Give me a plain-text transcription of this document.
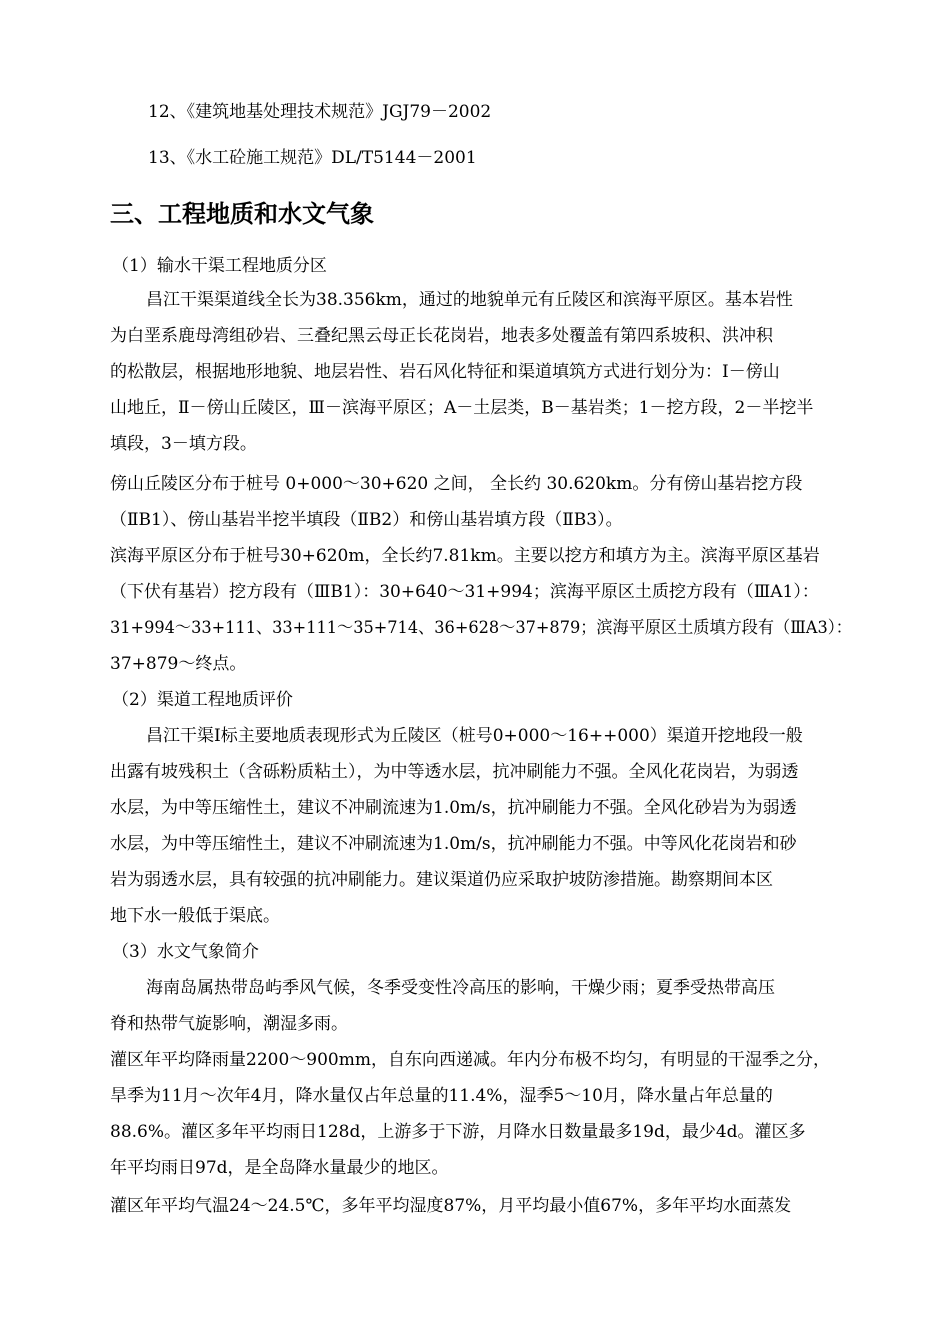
12、《建筑地基处理技术规范》JGJ79－2002
13、《水工砼施工规范》DL/T5144－2001
三、工程地质和水文气象
（1）输水干渠工程地质分区
昌江干渠渠道线全长为38.356km，通过的地貌单元有丘陵区和滨海平原区。基本岩性
为白垩系鹿母湾组砂岩、三叠纪黑云母正长花岗岩，地表多处覆盖有第四系坡积、洪冲积
的松散层，根据地形地貌、地层岩性、岩石风化特征和渠道填筑方式进行划分为：Ⅰ－傍山
山地丘，Ⅱ－傍山丘陵区，Ⅲ－滨海平原区；A－土层类，B－基岩类；1－挖方段，2－半挖半
填段，3－填方段。
傍山丘陵区分布于桩号 0+000～30+620 之间， 全长约 30.620km。分有傍山基岩挖方段
（ⅡB1）、傍山基岩半挖半填段（ⅡB2）和傍山基岩填方段（ⅡB3）。
滨海平原区分布于桩号30+620m，全长约7.81km。主要以挖方和填方为主。滨海平原区基岩
（下伏有基岩）挖方段有（ⅢB1）：30+640～31+994；滨海平原区土质挖方段有（ⅢA1）：
31+994～33+111、33+111～35+714、36+628～37+879；滨海平原区土质填方段有（ⅢA3）：
37+879～终点。
（2）渠道工程地质评价
昌江干渠Ⅰ标主要地质表现形式为丘陵区（桩号0+000～16++000）渠道开挖地段一般
出露有坡残积土（含砾粉质粘土），为中等透水层，抗冲刷能力不强。全风化花岗岩，为弱透
水层，为中等压缩性土，建议不冲刷流速为1.0m/s，抗冲刷能力不强。全风化砂岩为为弱透
水层，为中等压缩性土，建议不冲刷流速为1.0m/s，抗冲刷能力不强。中等风化花岗岩和砂
岩为弱透水层，具有较强的抗冲刷能力。建议渠道仍应采取护坡防渗措施。勘察期间本区
地下水一般低于渠底。
（3）水文气象简介
海南岛属热带岛屿季风气候，冬季受变性冷高压的影响，干燥少雨；夏季受热带高压
脊和热带气旋影响，潮湿多雨。
灌区年平均降雨量2200～900mm，自东向西递减。年内分布极不均匀，有明显的干湿季之分，
旱季为11月～次年4月，降水量仅占年总量的11.4%，湿季5～10月，降水量占年总量的
88.6%。灌区多年平均雨日128d，上游多于下游，月降水日数量最多19d，最少4d。灌区多
年平均雨日97d，是全岛降水量最少的地区。
灌区年平均气温24～24.5℃，多年平均湿度87%，月平均最小值67%，多年平均水面蒸发
